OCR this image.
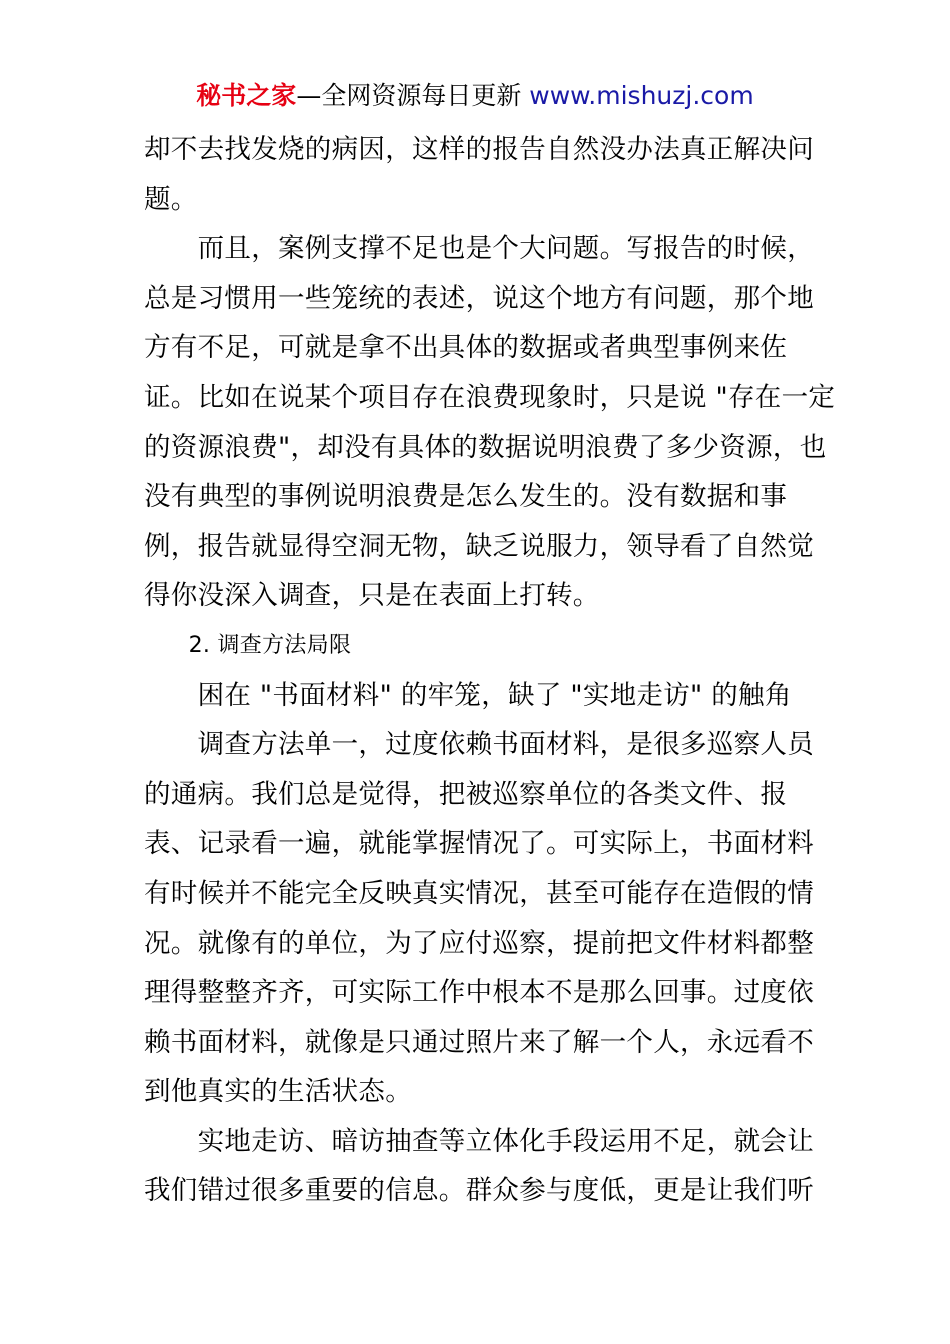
秘书之家—全网资源每日更新 www.mishuzj.com
却不去找发烧的病因，这样的报告自然没办法真正解决问
题。
　　而且，案例支撑不足也是个大问题。写报告的时候，
总是习惯用一些笼统的表述，说这个地方有问题，那个地
方有不足，可就是拿不出具体的数据或者典型事例来佐
证。比如在说某个项目存在浪费现象时，只是说 "存在一定
的资源浪费"，却没有具体的数据说明浪费了多少资源，也
没有典型的事例说明浪费是怎么发生的。没有数据和事
例，报告就显得空洞无物，缺乏说服力，领导看了自然觉
得你没深入调查，只是在表面上打转。
　　2. 调查方法局限
　　困在 "书面材料" 的牢笼，缺了 "实地走访" 的触角
　　调查方法单一，过度依赖书面材料，是很多巡察人员
的通病。我们总是觉得，把被巡察单位的各类文件、报
表、记录看一遍，就能掌握情况了。可实际上，书面材料
有时候并不能完全反映真实情况，甚至可能存在造假的情
况。就像有的单位，为了应付巡察，提前把文件材料都整
理得整整齐齐，可实际工作中根本不是那么回事。过度依
赖书面材料，就像是只通过照片来了解一个人，永远看不
到他真实的生活状态。
　　实地走访、暗访抽查等立体化手段运用不足，就会让
我们错过很多重要的信息。群众参与度低，更是让我们听
